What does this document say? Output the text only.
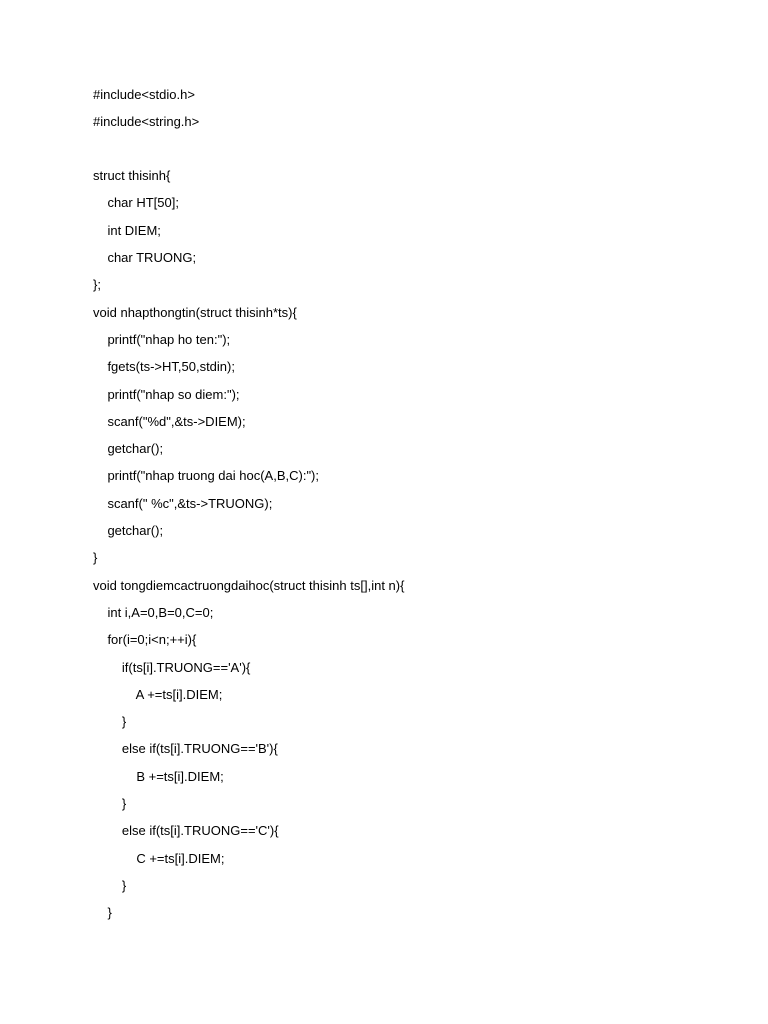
#include<stdio.h>
#include<string.h>
struct thisinh{
char HT[50];
int DIEM;
char TRUONG;
};
void nhapthongtin(struct thisinh*ts){
printf("nhap ho ten:");
fgets(ts->HT,50,stdin);
printf("nhap so diem:");
scanf("%d",&ts->DIEM);
getchar();
printf("nhap truong dai hoc(A,B,C):");
scanf(" %c",&ts->TRUONG);
getchar();
}
void tongdiemcactruongdaihoc(struct thisinh ts[],int n){
int i,A=0,B=0,C=0;
for(i=0;i<n;++i){
if(ts[i].TRUONG=='A'){
A +=ts[i].DIEM;
}
else if(ts[i].TRUONG=='B'){
B +=ts[i].DIEM;
}
else if(ts[i].TRUONG=='C'){
C +=ts[i].DIEM;
}
}
